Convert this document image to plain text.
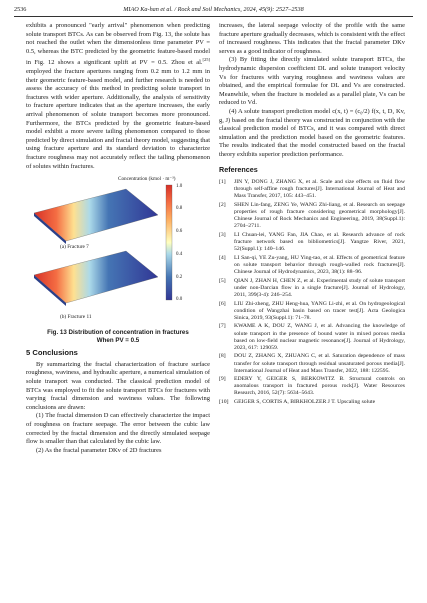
2536	MIAO Ka-han et al. / Rock and Soil Mechanics, 2024, 45(9): 2527–2538

exhibits a pronounced "early arrival" phenomenon when predicting solute transport BTCs. As can be observed from Fig. 13, the solute has not reached the outlet when the dimensionless time parameter PV = 0.5, whereas the BTC predicted by the geometric feature-based model in Fig. 12 shows a significant uplift at PV = 0.5. Zhou et al.[25] employed the fracture apertures ranging from 0.2 mm to 1.2 mm in their geometric feature-based model, and further research is needed to assess the accuracy of this method in predicting solute transport in fractures with wider aperture. Additionally, the analysis of sensitivity to fracture aperture indicates that as the aperture increases, the early arrival phenomenon of solute transport becomes more pronounced. Furthermore, the BTCs predicted by the geometric feature-based model exhibit a more severe tailing phenomenon compared to those predicted by direct simulation and fractal theory model, suggesting that using fracture aperture and its standard deviation to characterize fracture roughness may not accurately reflect the tailing phenomenon of solutes within fractures.

Concentration (kmol · m⁻³)
1.0
0.8
0.6
0.4
0.2
0.0
(a) Fracture 7
(b) Fracture 11
Fig. 13 Distribution of concentration in fractures
When PV = 0.5
5 Conclusions

By summarizing the fractal characterization of fracture surface roughness, waviness, and hydraulic aperture, a numerical simulation of solute transport was conducted. The classical prediction model of BTCs was employed to fit the solute transport BTCs for fractures with varying fractal dimension and waviness values. The following conclusions are drawn:

(1) The fractal dimension D can effectively characterize the impact of roughness on fracture seepage. The error between the cubic law corrected by the fractal dimension and the directly simulated seepage flow is smaller than that calculated by the cubic law.

(2) As the fractal parameter DKv of 2D fractures

increases, the lateral seepage velocity of the profile with the same fracture aperture gradually decreases, which is consistent with the effect of increased roughness. This indicates that the fractal parameter DKv serves as a good indicator of roughness.

(3) By fitting the directly simulated solute transport BTCs, the hydrodynamic dispersion coefficient DL and solute transport velocity Vs for fractures with varying roughness and waviness values are obtained, and the empirical formulae for DL and Vs are constructed. Meanwhile, when the fracture is modeled as a parallel plate, Vs can be reduced to Vd.

(4) A solute transport prediction model c(x, t) = (c₀/2) f(x, t, D, Kv, g, J) based on the fractal theory was constructed in conjunction with the classical prediction model of BTCs, and it was compared with direct simulation and the prediction model based on the geometric features. The results indicated that the model constructed based on the fractal theory exhibits superior prediction performance.

References
[1]	JIN Y, DONG J, ZHANG X, et al. Scale and size effects on fluid flow through self-affine rough fractures[J]. International Journal of Heat and Mass Transfer, 2017, 105: 443–451.
[2]	SHEN Lin-fang, ZENG Ye, WANG Zhi-liang, et al. Research on seepage properties of rough fracture considering geometrical morphology[J]. Chinese Journal of Rock Mechanics and Engineering, 2019, 38(Suppl.1): 2704–2711.
[3]	LI Chuan-lei, YANG Fan, JIA Chao, et al. Research advance of rock fracture network based on bibliometrics[J]. Yangtze River, 2021, 52(Suppl.1): 140–146.
[4]	LI San-qi, YE Zu-yang, HU Ying-tao, et al. Effects of geometrical feature on solute transport behavior through rough-walled rock fractures[J]. Chinese Journal of Hydrodynamics, 2023, 38(1): 88–96.
[5]	QIAN J, ZHAN H, CHEN Z, et al. Experimental study of solute transport under non-Darcian flow in a single fracture[J]. Journal of Hydrology, 2011, 399(3-4): 246–254.
[6]	LIU Zhi-zheng, ZHU Heng-hua, YANG Li-zhi, et al. On hydrogeological condition of Wangzhai basin based on tracer test[J]. Acta Geologica Sinica, 2019, 93(Suppl.1): 71–78.
[7]	KWAME A K, DOU Z, WANG J, et al. Advancing the knowledge of solute transport in the presence of bound water in mixed porous media based on low-field nuclear magnetic resonance[J]. Journal of Hydrology, 2023, 617: 129059.
[8]	DOU Z, ZHANG X, ZHUANG C, et al. Saturation dependence of mass transfer for solute transport through residual unsaturated porous media[J]. International Journal of Heat and Mass Transfer, 2022, 188: 122595.
[9]	EDERY Y, GEIGER S, BERKOWITZ B. Structural controls on anomalous transport in fractured porous rock[J]. Water Resources Research, 2016, 52(7): 5634–5643.
[10] GEIGER S, CORTIS A, BIRKHOLZER J T. Upscaling solute
